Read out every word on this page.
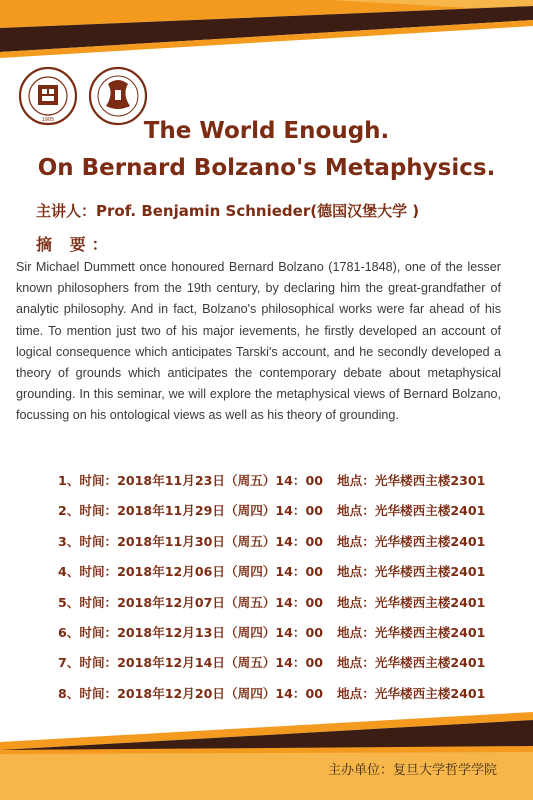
1905	The World Enough.
On Bernard Bolzano's Metaphysics.
主讲人：Prof. Benjamin Schnieder(德国汉堡大学 )
摘 要：
Sir Michael Dummett once honoured Bernard Bolzano (1781-1848), one of the lesser known philosophers from the 19th century, by declaring him the great-grandfather of analytic philosophy. And in fact, Bolzano's philosophical works were far ahead of his time. To mention just two of his major ievements, he firstly developed an account of logical consequence which anticipates Tarski's account, and he secondly developed a theory of grounds which anticipates the contemporary debate about metaphysical grounding. In this seminar, we will explore the metaphysical views of Bernard Bolzano, focussing on his ontological views as well as his theory of grounding.
1、时间：2018年11月23日（周五）14：00 地点：光华楼西主楼2301
2、时间：2018年11月29日（周四）14：00 地点：光华楼西主楼2401
3、时间：2018年11月30日（周五）14：00 地点：光华楼西主楼2401
4、时间：2018年12月06日（周四）14：00 地点：光华楼西主楼2401
5、时间：2018年12月07日（周五）14：00 地点：光华楼西主楼2401
6、时间：2018年12月13日（周四）14：00 地点：光华楼西主楼2401
7、时间：2018年12月14日（周五）14：00 地点：光华楼西主楼2401
8、时间：2018年12月20日（周四）14：00 地点：光华楼西主楼2401
主办单位：复旦大学哲学学院
